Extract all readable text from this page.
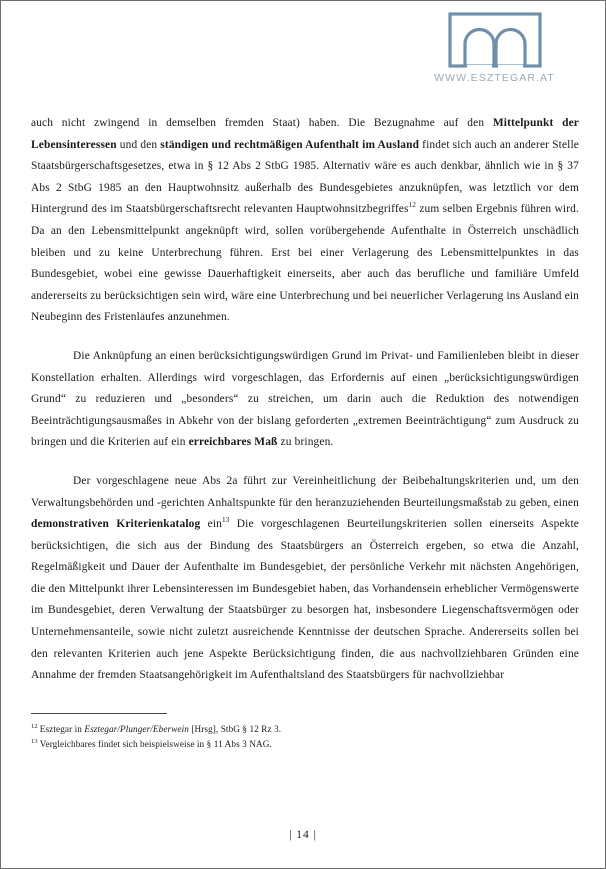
WWW.ESZTEGAR.AT

auch nicht zwingend in demselben fremden Staat) haben. Die Bezugnahme auf den Mittelpunkt der Lebensinteressen und den ständigen und rechtmäßigen Aufenthalt im Ausland findet sich auch an anderer Stelle Staatsbürgerschaftsgesetzes, etwa in § 12 Abs 2 StbG 1985. Alternativ wäre es auch denkbar, ähnlich wie in § 37 Abs 2 StbG 1985 an den Hauptwohnsitz außerhalb des Bundesgebietes anzuknüpfen, was letztlich vor dem Hintergrund des im Staatsbürgerschaftsrecht relevanten Hauptwohnsitzbegriffes$^{12}$ zum selben Ergebnis führen wird. Da an den Lebensmittelpunkt angeknüpft wird, sollen vorübergehende Aufenthalte in Österreich unschädlich bleiben und zu keine Unterbrechung führen. Erst bei einer Verlagerung des Lebensmittelpunktes in das Bundesgebiet, wobei eine gewisse Dauerhaftigkeit einerseits, aber auch das berufliche und familiäre Umfeld andererseits zu berücksichtigen sein wird, wäre eine Unterbrechung und bei neuerlicher Verlagerung ins Ausland ein Neubeginn des Fristenlaufes anzunehmen.

Die Anknüpfung an einen berücksichtigungswürdigen Grund im Privat- und Familienleben bleibt in dieser Konstellation erhalten. Allerdings wird vorgeschlagen, das Erfordernis auf einen „berücksichtigungswürdigen Grund“ zu reduzieren und „besonders“ zu streichen, um darin auch die Reduktion des notwendigen Beeinträchtigungsausmaßes in Abkehr von der bislang geforderten „extremen Beeinträchtigung“ zum Ausdruck zu bringen und die Kriterien auf ein erreichbares Maß zu bringen.

Der vorgeschlagene neue Abs 2a führt zur Vereinheitlichung der Beibehaltungskriterien und, um den Verwaltungsbehörden und -gerichten Anhaltspunkte für den heranzuziehenden Beurteilungsmaßstab zu geben, einen demonstrativen Kriterienkatalog ein$^{13}$ Die vorgeschlagenen Beurteilungskriterien sollen einerseits Aspekte berücksichtigen, die sich aus der Bindung des Staatsbürgers an Österreich ergeben, so etwa die Anzahl, Regelmäßigkeit und Dauer der Aufenthalte im Bundesgebiet, der persönliche Verkehr mit nächsten Angehörigen, die den Mittelpunkt ihrer Lebensinteressen im Bundesgebiet haben, das Vorhandensein erheblicher Vermögenswerte im Bundesgebiet, deren Verwaltung der Staatsbürger zu besorgen hat, insbesondere Liegenschaftsvermögen oder Unternehmensanteile, sowie nicht zuletzt ausreichende Kenntnisse der deutschen Sprache. Andererseits sollen bei den relevanten Kriterien auch jene Aspekte Berücksichtigung finden, die aus nachvollziehbaren Gründen eine Annahme der fremden Staatsangehörigkeit im Aufenthaltsland des Staatsbürgers für nachvollziehbar

$^{12}$ Esztegar in Esztegar/Plunger/Eberwein [Hrsg], StbG § 12 Rz 3.
$^{13}$ Vergleichbares findet sich beispielsweise in § 11 Abs 3 NAG.
| 14 |
